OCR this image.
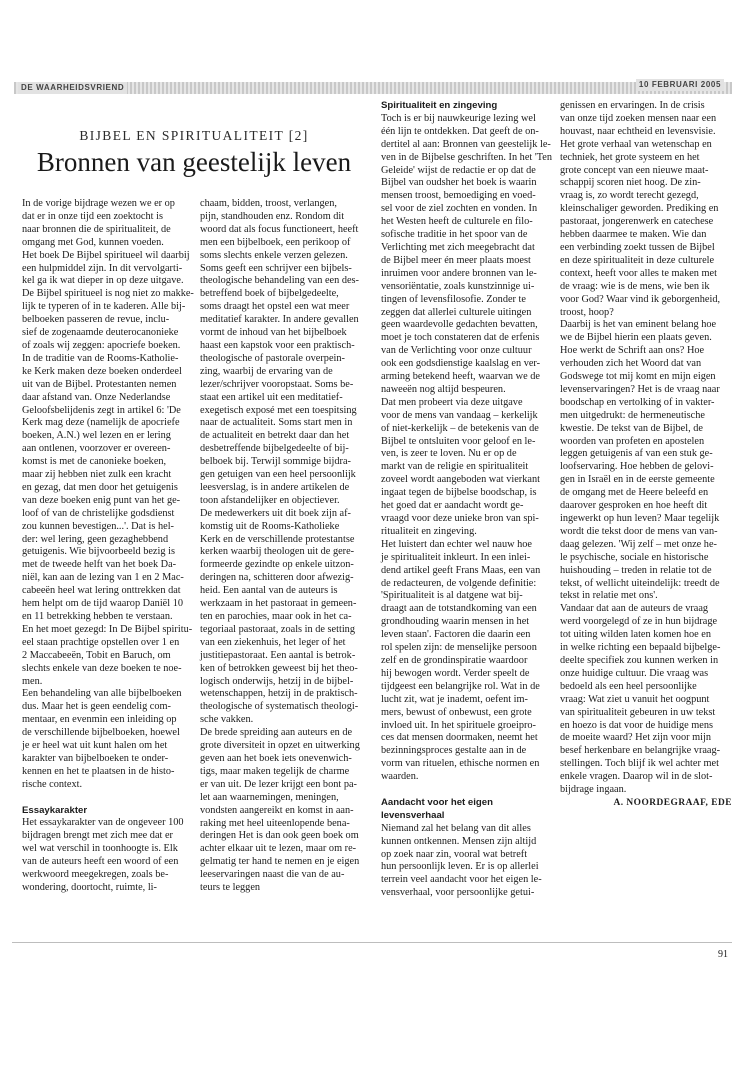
DE WAARHEIDSVRIEND	10 FEBRUARI 2005
BIJBEL EN SPIRITUALITEIT [2]
Bronnen van geestelijk leven

In de vorige bijdrage wezen we er op

dat er in onze tijd een zoektocht is

naar bronnen die de spiritualiteit, de

omgang met God, kunnen voeden.

Het boek De Bijbel spiritueel wil daarbij

een hulpmiddel zijn. In dit vervolgarti-

kel ga ik wat dieper in op deze uitgave.

De Bijbel spiritueel is nog niet zo makke-

lijk te typeren of in te kaderen. Alle bij-

belboeken passeren de revue, inclu-

sief de zogenaamde deuterocanonieke

of zoals wij zeggen: apocriefe boeken.

In de traditie van de Rooms-Katholie-

ke Kerk maken deze boeken onderdeel

uit van de Bijbel. Protestanten nemen

daar afstand van. Onze Nederlandse

Geloofsbelijdenis zegt in artikel 6: 'De

Kerk mag deze (namelijk de apocriefe

boeken, A.N.) wel lezen en er lering

aan ontlenen, voorzover er overeen-

komst is met de canonieke boeken,

maar zij hebben niet zulk een kracht

en gezag, dat men door het getuigenis

van deze boeken enig punt van het ge-

loof of van de christelijke godsdienst

zou kunnen bevestigen...'. Dat is hel-

der: wel lering, geen gezaghebbend

getuigenis. Wie bijvoorbeeld bezig is

met de tweede helft van het boek Da-

niël, kan aan de lezing van 1 en 2 Mac-

cabeeën heel wat lering onttrekken dat

hem helpt om de tijd waarop Daniël 10

en 11 betrekking hebben te verstaan.

En het moet gezegd: In De Bijbel spiritu-

eel staan prachtige opstellen over 1 en

2 Maccabeeën, Tobit en Baruch, om

slechts enkele van deze boeken te noe-

men.

Een behandeling van alle bijbelboeken

dus. Maar het is geen eendelig com-

mentaar, en evenmin een inleiding op

de verschillende bijbelboeken, hoewel

je er heel wat uit kunt halen om het

karakter van bijbelboeken te onder-

kennen en het te plaatsen in de histo-

rische context.

Essaykarakter

Het essaykarakter van de ongeveer 100

bijdragen brengt met zich mee dat er

wel wat verschil in toonhoogte is. Elk

van de auteurs heeft een woord of een

werkwoord meegekregen, zoals be-

wondering, doortocht, ruimte, li-

chaam, bidden, troost, verlangen,

pijn, standhouden enz. Rondom dit

woord dat als focus functioneert, heeft

men een bijbelboek, een perikoop of

soms slechts enkele verzen gelezen.

Soms geeft een schrijver een bijbels-

theologische behandeling van een des-

betreffend boek of bijbelgedeelte,

soms draagt het opstel een wat meer

meditatief karakter. In andere gevallen

vormt de inhoud van het bijbelboek

haast een kapstok voor een praktisch-

theologische of pastorale overpein-

zing, waarbij de ervaring van de

lezer/schrijver vooropstaat. Soms be-

staat een artikel uit een meditatief-

exegetisch exposé met een toespitsing

naar de actualiteit. Soms start men in

de actualiteit en betrekt daar dan het

desbetreffende bijbelgedeelte of bij-

belboek bij. Terwijl sommige bijdra-

gen getuigen van een heel persoonlijk

leesverslag, is in andere artikelen de

toon afstandelijker en objectiever.

De medewerkers uit dit boek zijn af-

komstig uit de Rooms-Katholieke

Kerk en de verschillende protestantse

kerken waarbij theologen uit de gere-

formeerde gezindte op enkele uitzon-

deringen na, schitteren door afwezig-

heid. Een aantal van de auteurs is

werkzaam in het pastoraat in gemeen-

ten en parochies, maar ook in het ca-

tegoriaal pastoraat, zoals in de setting

van een ziekenhuis, het leger of het

justitiepastoraat. Een aantal is betrok-

ken of betrokken geweest bij het theo-

logisch onderwijs, hetzij in de bijbel-

wetenschappen, hetzij in de praktisch-

theologische of systematisch theologi-

sche vakken.

De brede spreiding aan auteurs en de

grote diversiteit in opzet en uitwerking

geven aan het boek iets onevenwich-

tigs, maar maken tegelijk de charme

er van uit. De lezer krijgt een bont pa-

let aan waarnemingen, meningen,

vondsten aangereikt en komst in aan-

raking met heel uiteenlopende bena-

deringen Het is dan ook geen boek om

achter elkaar uit te lezen, maar om re-

gelmatig ter hand te nemen en je eigen

leeservaringen naast die van de au-

teurs te leggen

Spiritualiteit en zingeving

Toch is er bij nauwkeurige lezing wel

één lijn te ontdekken. Dat geeft de on-

dertitel al aan: Bronnen van geestelijk le-

ven in de Bijbelse geschriften. In het 'Ten

Geleide' wijst de redactie er op dat de

Bijbel van oudsher het boek is waarin

mensen troost, bemoediging en voed-

sel voor de ziel zochten en vonden. In

het Westen heeft de culturele en filo-

sofische traditie in het spoor van de

Verlichting met zich meegebracht dat

de Bijbel meer én meer plaats moest

inruimen voor andere bronnen van le-

vensoriëntatie, zoals kunstzinnige ui-

tingen of levensfilosofie. Zonder te

zeggen dat allerlei culturele uitingen

geen waardevolle gedachten bevatten,

moet je toch constateren dat de erfenis

van de Verlichting voor onze cultuur

ook een godsdienstige kaalslag en ver-

arming betekend heeft, waarvan we de

naweeën nog altijd bespeuren.

Dat men probeert via deze uitgave

voor de mens van vandaag – kerkelijk

of niet-kerkelijk – de betekenis van de

Bijbel te ontsluiten voor geloof en le-

ven, is zeer te loven. Nu er op de

markt van de religie en spiritualiteit

zoveel wordt aangeboden wat vierkant

ingaat tegen de bijbelse boodschap, is

het goed dat er aandacht wordt ge-

vraagd voor deze unieke bron van spi-

ritualiteit en zingeving.

Het luistert dan echter wel nauw hoe

je spiritualiteit inkleurt. In een inlei-

dend artikel geeft Frans Maas, een van

de redacteuren, de volgende definitie:

'Spiritualiteit is al datgene wat bij-

draagt aan de totstandkoming van een

grondhouding waarin mensen in het

leven staan'. Factoren die daarin een

rol spelen zijn: de menselijke persoon

zelf en de grondinspiratie waardoor

hij bewogen wordt. Verder speelt de

tijdgeest een belangrijke rol. Wat in de

lucht zit, wat je inademt, oefent im-

mers, bewust of onbewust, een grote

invloed uit. In het spirituele groeipro-

ces dat mensen doormaken, neemt het

bezinningsproces gestalte aan in de

vorm van rituelen, ethische normen en

waarden.

Aandacht voor het eigen levensverhaal

Niemand zal het belang van dit alles

kunnen ontkennen. Mensen zijn altijd

op zoek naar zin, vooral wat betreft

hun persoonlijk leven. Er is op allerlei

terrein veel aandacht voor het eigen le-

vensverhaal, voor persoonlijke getui-

genissen en ervaringen. In de crisis

van onze tijd zoeken mensen naar een

houvast, naar echtheid en levensvisie.

Het grote verhaal van wetenschap en

techniek, het grote systeem en het

grote concept van een nieuwe maat-

schappij scoren niet hoog. De zin-

vraag is, zo wordt terecht gezegd,

kleinschaliger geworden. Prediking en

pastoraat, jongerenwerk en catechese

hebben daarmee te maken. Wie dan

een verbinding zoekt tussen de Bijbel

en deze spiritualiteit in deze culturele

context, heeft voor alles te maken met

de vraag: wie is de mens, wie ben ik

voor God? Waar vind ik geborgenheid,

troost, hoop?

Daarbij is het van eminent belang hoe

we de Bijbel hierin een plaats geven.

Hoe werkt de Schrift aan ons? Hoe

verhouden zich het Woord dat van

Godswege tot mij komt en mijn eigen

levenservaringen? Het is de vraag naar

boodschap en vertolking of in vakter-

men uitgedrukt: de hermeneutische

kwestie. De tekst van de Bijbel, de

woorden van profeten en apostelen

leggen getuigenis af van een stuk ge-

loofservaring. Hoe hebben de gelovi-

gen in Israël en in de eerste gemeente

de omgang met de Heere beleefd en

daarover gesproken en hoe heeft dit

ingewerkt op hun leven? Maar tegelijk

wordt die tekst door de mens van van-

daag gelezen. 'Wij zelf – met onze he-

le psychische, sociale en historische

huishouding – treden in relatie tot de

tekst, of wellicht uiteindelijk: treedt de

tekst in relatie met ons'.

Vandaar dat aan de auteurs de vraag

werd voorgelegd of ze in hun bijdrage

tot uiting wilden laten komen hoe en

in welke richting een bepaald bijbelge-

deelte specifiek zou kunnen werken in

onze huidige cultuur. Die vraag was

bedoeld als een heel persoonlijke

vraag: Wat ziet u vanuit het oogpunt

van spiritualiteit gebeuren in uw tekst

en hoezo is dat voor de huidige mens

de moeite waard? Het zijn voor mijn

besef herkenbare en belangrijke vraag-

stellingen. Toch blijf ik wel achter met

enkele vragen. Daarop wil in de slot-

bijdrage ingaan.

A. NOORDEGRAAF, EDE

91
